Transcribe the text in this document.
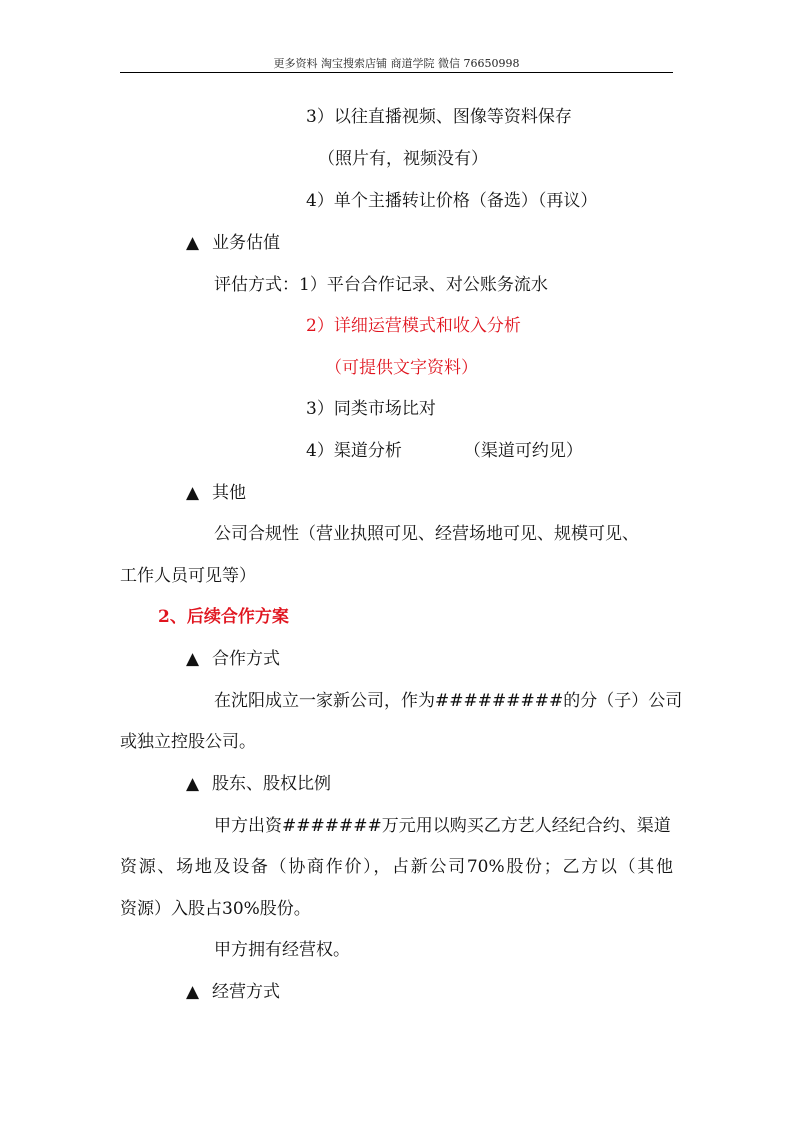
更多资料 淘宝搜索店铺 商道学院 微信 76650998
3）以往直播视频、图像等资料保存
（照片有，视频没有）
4）单个主播转让价格（备选）（再议）
▲ 业务估值
评估方式：1）平台合作记录、对公账务流水
2）详细运营模式和收入分析
（可提供文字资料）
3）同类市场比对
4）渠道分析	（渠道可约见）
▲ 其他
公司合规性（营业执照可见、经营场地可见、规模可见、
工作人员可见等）
2、后续合作方案
▲ 合作方式
在沈阳成立一家新公司，作为#########的分（子）公司
或独立控股公司。
▲ 股东、股权比例
甲方出资#######万元用以购买乙方艺人经纪合约、渠道
资源、场地及设备（协商作价），占新公司70%股份；乙方以（其他
资源）入股占30%股份。
甲方拥有经营权。
▲ 经营方式
